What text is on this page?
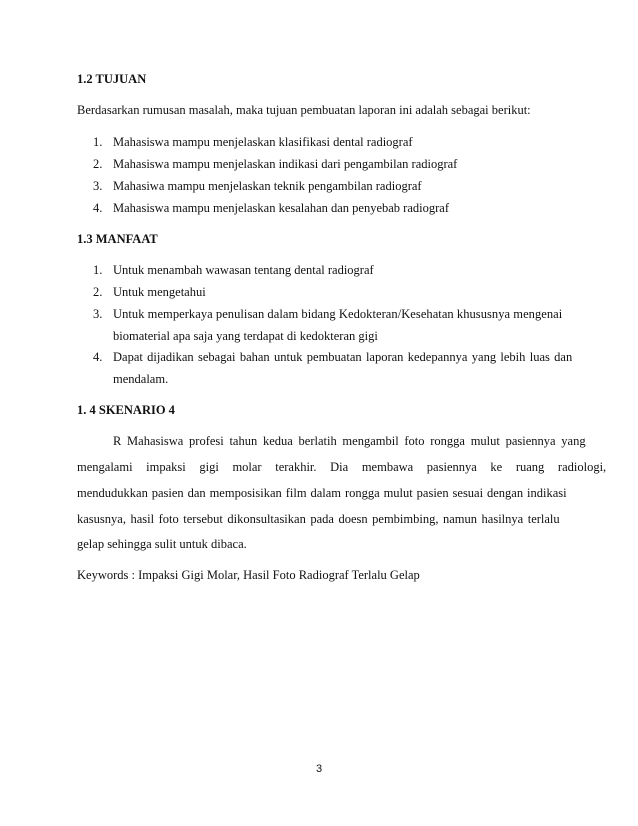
1.2 TUJUAN
Berdasarkan rumusan masalah, maka tujuan pembuatan laporan ini adalah sebagai berikut:
1. Mahasiswa mampu menjelaskan klasifikasi dental radiograf
2. Mahasiswa mampu menjelaskan indikasi dari pengambilan radiograf
3. Mahasiwa mampu menjelaskan teknik pengambilan radiograf
4. Mahasiswa mampu menjelaskan kesalahan dan penyebab radiograf
1.3 MANFAAT
1. Untuk menambah wawasan tentang dental radiograf
2. Untuk mengetahui
3. Untuk memperkaya penulisan dalam bidang Kedokteran/Kesehatan khususnya mengenai
biomaterial apa saja yang terdapat di kedokteran gigi
4. Dapat dijadikan sebagai bahan untuk pembuatan laporan kedepannya yang lebih luas dan
mendalam.
1. 4 SKENARIO 4
R Mahasiswa profesi tahun kedua berlatih mengambil foto rongga mulut pasiennya yang
mengalami impaksi gigi molar terakhir. Dia membawa pasiennya ke ruang radiologi,
mendudukkan pasien dan memposisikan film dalam rongga mulut pasien sesuai dengan indikasi
kasusnya, hasil foto tersebut dikonsultasikan pada doesn pembimbing, namun hasilnya terlalu
gelap sehingga sulit untuk dibaca.
Keywords : Impaksi Gigi Molar, Hasil Foto Radiograf Terlalu Gelap
3
